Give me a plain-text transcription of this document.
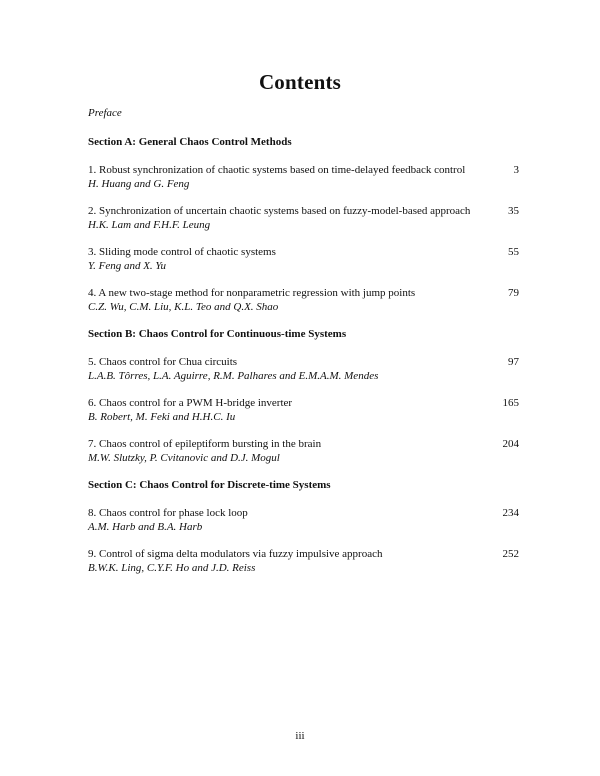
Contents
Preface
Section A: General Chaos Control Methods
1. Robust synchronization of chaotic systems based on time-delayed feedback control	3
H. Huang and G. Feng
2. Synchronization of uncertain chaotic systems based on fuzzy-model-based approach	35
H.K. Lam and F.H.F. Leung
3. Sliding mode control of chaotic systems	55
Y. Feng and X. Yu
4. A new two-stage method for nonparametric regression with jump points	79
C.Z. Wu, C.M. Liu, K.L. Teo and Q.X. Shao
Section B: Chaos Control for Continuous-time Systems
5. Chaos control for Chua circuits	97
L.A.B. Tôrres, L.A. Aguirre, R.M. Palhares and E.M.A.M. Mendes
6. Chaos control for a PWM H-bridge inverter	165
B. Robert, M. Feki and H.H.C. Iu
7. Chaos control of epileptiform bursting in the brain	204
M.W. Slutzky, P. Cvitanovic and D.J. Mogul
Section C: Chaos Control for Discrete-time Systems
8. Chaos control for phase lock loop	234
A.M. Harb and B.A. Harb
9. Control of sigma delta modulators via fuzzy impulsive approach	252
B.W.K. Ling, C.Y.F. Ho and J.D. Reiss
iii
